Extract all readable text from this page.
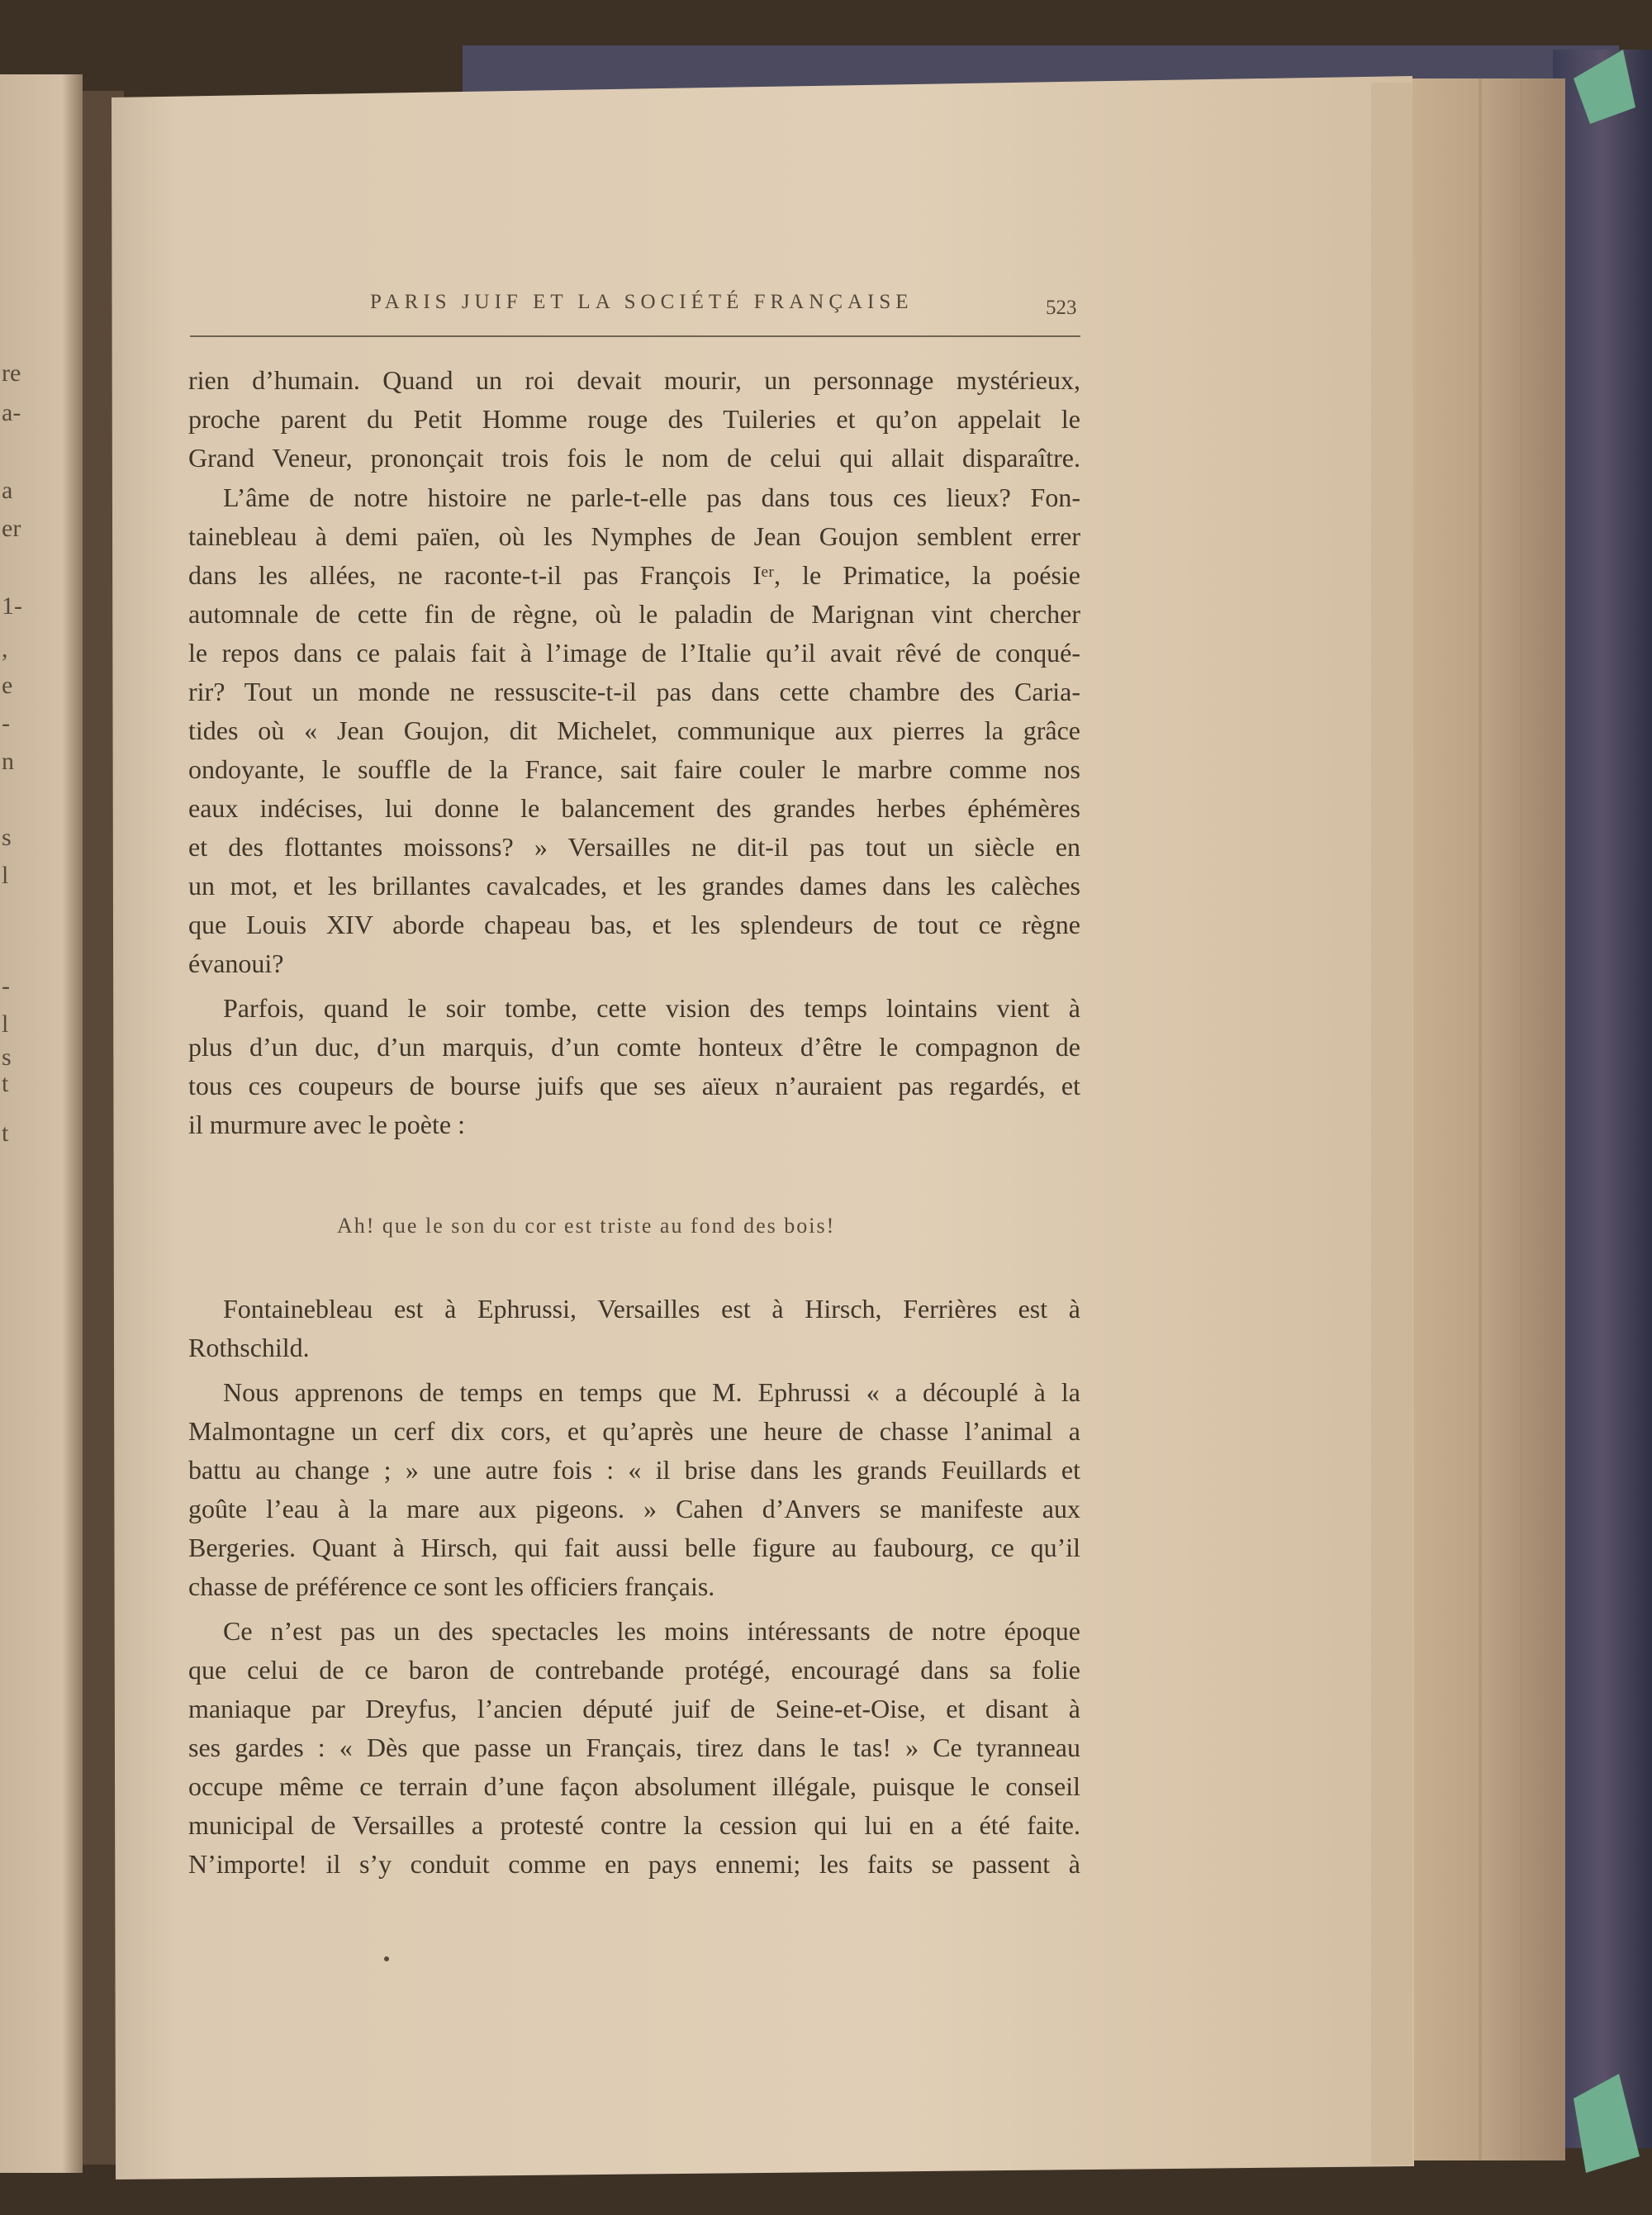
PARIS JUIF ET LA SOCIÉTÉ FRANÇAISE	523
rien d’humain. Quand un roi devait mourir, un personnage mystérieux,
proche parent du Petit Homme rouge des Tuileries et qu’on appelait le
Grand Veneur, prononçait trois fois le nom de celui qui allait disparaître.
L’âme de notre histoire ne parle-t-elle pas dans tous ces lieux? Fon-
tainebleau à demi païen, où les Nymphes de Jean Goujon semblent errer
dans les allées, ne raconte-t-il pas François Iᵉʳ, le Primatice, la poésie
automnale de cette fin de règne, où le paladin de Marignan vint chercher
le repos dans ce palais fait à l’image de l’Italie qu’il avait rêvé de conqué-
rir? Tout un monde ne ressuscite-t-il pas dans cette chambre des Caria-
tides où « Jean Goujon, dit Michelet, communique aux pierres la grâce
ondoyante, le souffle de la France, sait faire couler le marbre comme nos
eaux indécises, lui donne le balancement des grandes herbes éphémères
et des flottantes moissons? » Versailles ne dit-il pas tout un siècle en
un mot, et les brillantes cavalcades, et les grandes dames dans les calèches
que Louis XIV aborde chapeau bas, et les splendeurs de tout ce règne
évanoui?
Parfois, quand le soir tombe, cette vision des temps lointains vient à
plus d’un duc, d’un marquis, d’un comte honteux d’être le compagnon de
tous ces coupeurs de bourse juifs que ses aïeux n’auraient pas regardés, et
il murmure avec le poète :
Ah! que le son du cor est triste au fond des bois!
Fontainebleau est à Ephrussi, Versailles est à Hirsch, Ferrières est à
Rothschild.
Nous apprenons de temps en temps que M. Ephrussi « a découplé à la
Malmontagne un cerf dix cors, et qu’après une heure de chasse l’animal a
battu au change ; » une autre fois : « il brise dans les grands Feuillards et
goûte l’eau à la mare aux pigeons. » Cahen d’Anvers se manifeste aux
Bergeries. Quant à Hirsch, qui fait aussi belle figure au faubourg, ce qu’il
chasse de préférence ce sont les officiers français.
Ce n’est pas un des spectacles les moins intéressants de notre époque
que celui de ce baron de contrebande protégé, encouragé dans sa folie
maniaque par Dreyfus, l’ancien député juif de Seine-et-Oise, et disant à
ses gardes : « Dès que passe un Français, tirez dans le tas! » Ce tyranneau
occupe même ce terrain d’une façon absolument illégale, puisque le conseil
municipal de Versailles a protesté contre la cession qui lui en a été faite.
N’importe! il s’y conduit comme en pays ennemi; les faits se passent à
re
a-
a
er
1-
,
e
-
n
s
l
-
l
s
t
t
